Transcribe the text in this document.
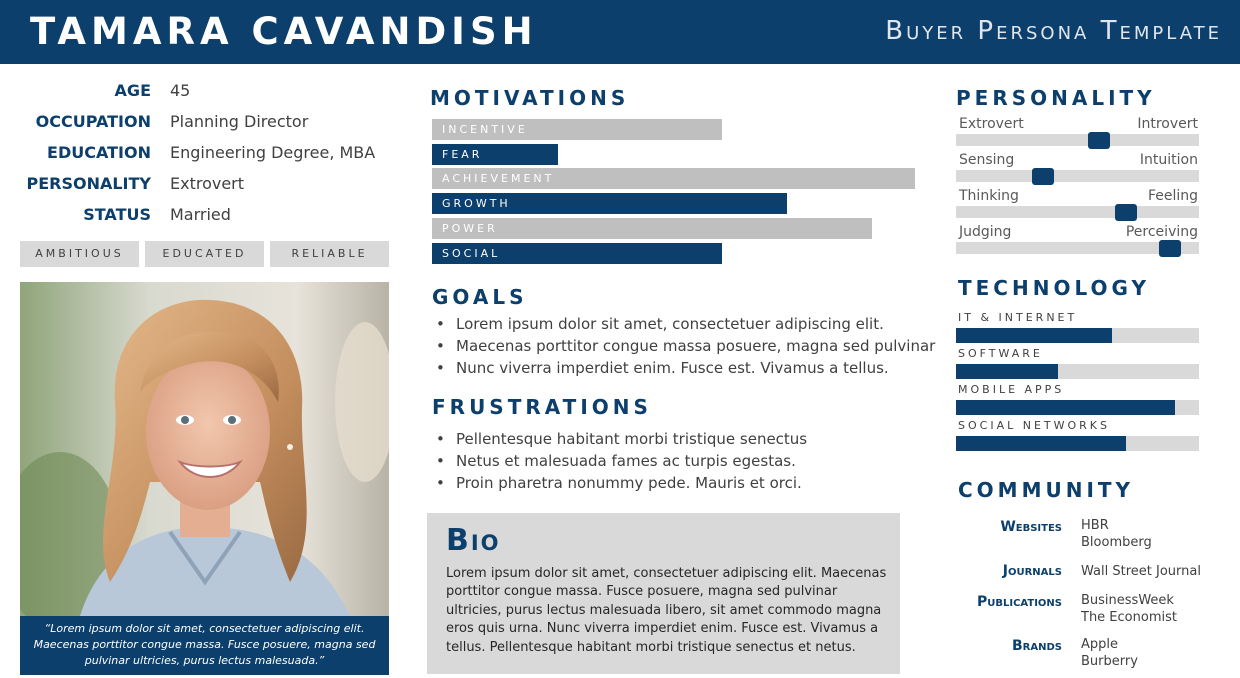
TAMARA CAVANDISH	Buyer Persona Template
AGE 45
OCCUPATION Planning Director
EDUCATION Engineering Degree, MBA
PERSONALITY Extrovert
STATUS Married
AMBITIOUS	EDUCATED	RELIABLE
“Lorem ipsum dolor sit amet, consectetuer adipiscing elit.
Maecenas porttitor congue massa. Fusce posuere, magna sed
pulvinar ultricies, purus lectus malesuada.”
MOTIVATIONS
INCENTIVE
FEAR
ACHIEVEMENT
GROWTH
POWER
SOCIAL
GOALS
• Lorem ipsum dolor sit amet, consectetuer adipiscing elit.
• Maecenas porttitor congue massa posuere, magna sed pulvinar
• Nunc viverra imperdiet enim. Fusce est. Vivamus a tellus.
FRUSTRATIONS
• Pellentesque habitant morbi tristique senectus
• Netus et malesuada fames ac turpis egestas.
• Proin pharetra nonummy pede. Mauris et orci.
Bio
Lorem ipsum dolor sit amet, consectetuer adipiscing elit. Maecenas
porttitor congue massa. Fusce posuere, magna sed pulvinar
ultricies, purus lectus malesuada libero, sit amet commodo magna
eros quis urna. Nunc viverra imperdiet enim. Fusce est. Vivamus a
tellus. Pellentesque habitant morbi tristique senectus et netus.
PERSONALITY
Extrovert	Introvert
Sensing	Intuition
Thinking	Feeling
Judging	Perceiving
TECHNOLOGY
IT & INTERNET
SOFTWARE
MOBILE APPS
SOCIAL NETWORKS
COMMUNITY
Websites HBR
Bloomberg
Journals Wall Street Journal
Publications BusinessWeek
The Economist
Brands Apple
Burberry
